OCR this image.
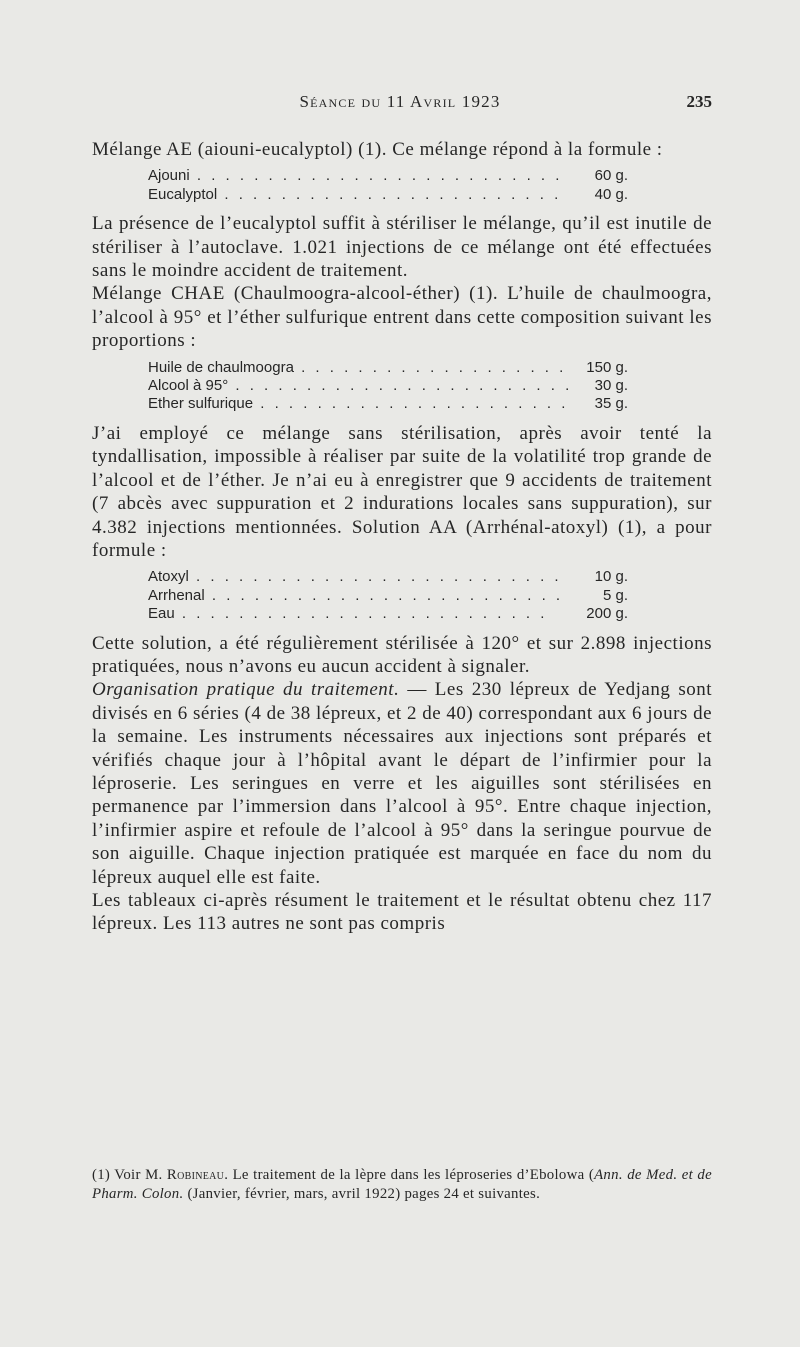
Séance du 11 Avril 1923	235

Mélange AE (aiouni-eucalyptol) (1). Ce mélange répond à la formule :

Ajouni . . .	60 g.
Eucalyptol . . .	40 g.

La présence de l’eucalyptol suffit à stériliser le mélange, qu’il est inutile de stériliser à l’autoclave. 1.021 injections de ce mélange ont été effectuées sans le moindre accident de traitement.

Mélange CHAE (Chaulmoogra-alcool-éther) (1). L’huile de chaulmoogra, l’alcool à 95° et l’éther sulfurique entrent dans cette composition suivant les proportions :

Huile de chaulmoogra . . .	150 g.
Alcool à 95° . . .	30 g.
Ether sulfurique . . .	35 g.

J’ai employé ce mélange sans stérilisation, après avoir tenté la tyndallisation, impossible à réaliser par suite de la volatilité trop grande de l’alcool et de l’éther. Je n’ai eu à enregistrer que 9 accidents de traitement (7 abcès avec suppuration et 2 indurations locales sans suppuration), sur 4.382 injections mentionnées. Solution AA (Arrhénal-atoxyl) (1), a pour formule :

Atoxyl . . .	10 g.
Arrhenal . . .	5 g.
Eau . . .	200 g.

Cette solution, a été régulièrement stérilisée à 120° et sur 2.898 injections pratiquées, nous n’avons eu aucun accident à signaler.

Organisation pratique du traitement. — Les 230 lépreux de Yedjang sont divisés en 6 séries (4 de 38 lépreux, et 2 de 40) correspondant aux 6 jours de la semaine. Les instruments nécessaires aux injections sont préparés et vérifiés chaque jour à l’hôpital avant le départ de l’infirmier pour la léproserie. Les seringues en verre et les aiguilles sont stérilisées en permanence par l’immersion dans l’alcool à 95°. Entre chaque injection, l’infirmier aspire et refoule de l’alcool à 95° dans la seringue pourvue de son aiguille. Chaque injection pratiquée est marquée en face du nom du lépreux auquel elle est faite.

Les tableaux ci-après résument le traitement et le résultat obtenu chez 117 lépreux. Les 113 autres ne sont pas compris

(1) Voir M. Robineau. Le traitement de la lèpre dans les léproseries d’Ebolowa (Ann. de Med. et de Pharm. Colon. (Janvier, février, mars, avril 1922) pages 24 et suivantes.
